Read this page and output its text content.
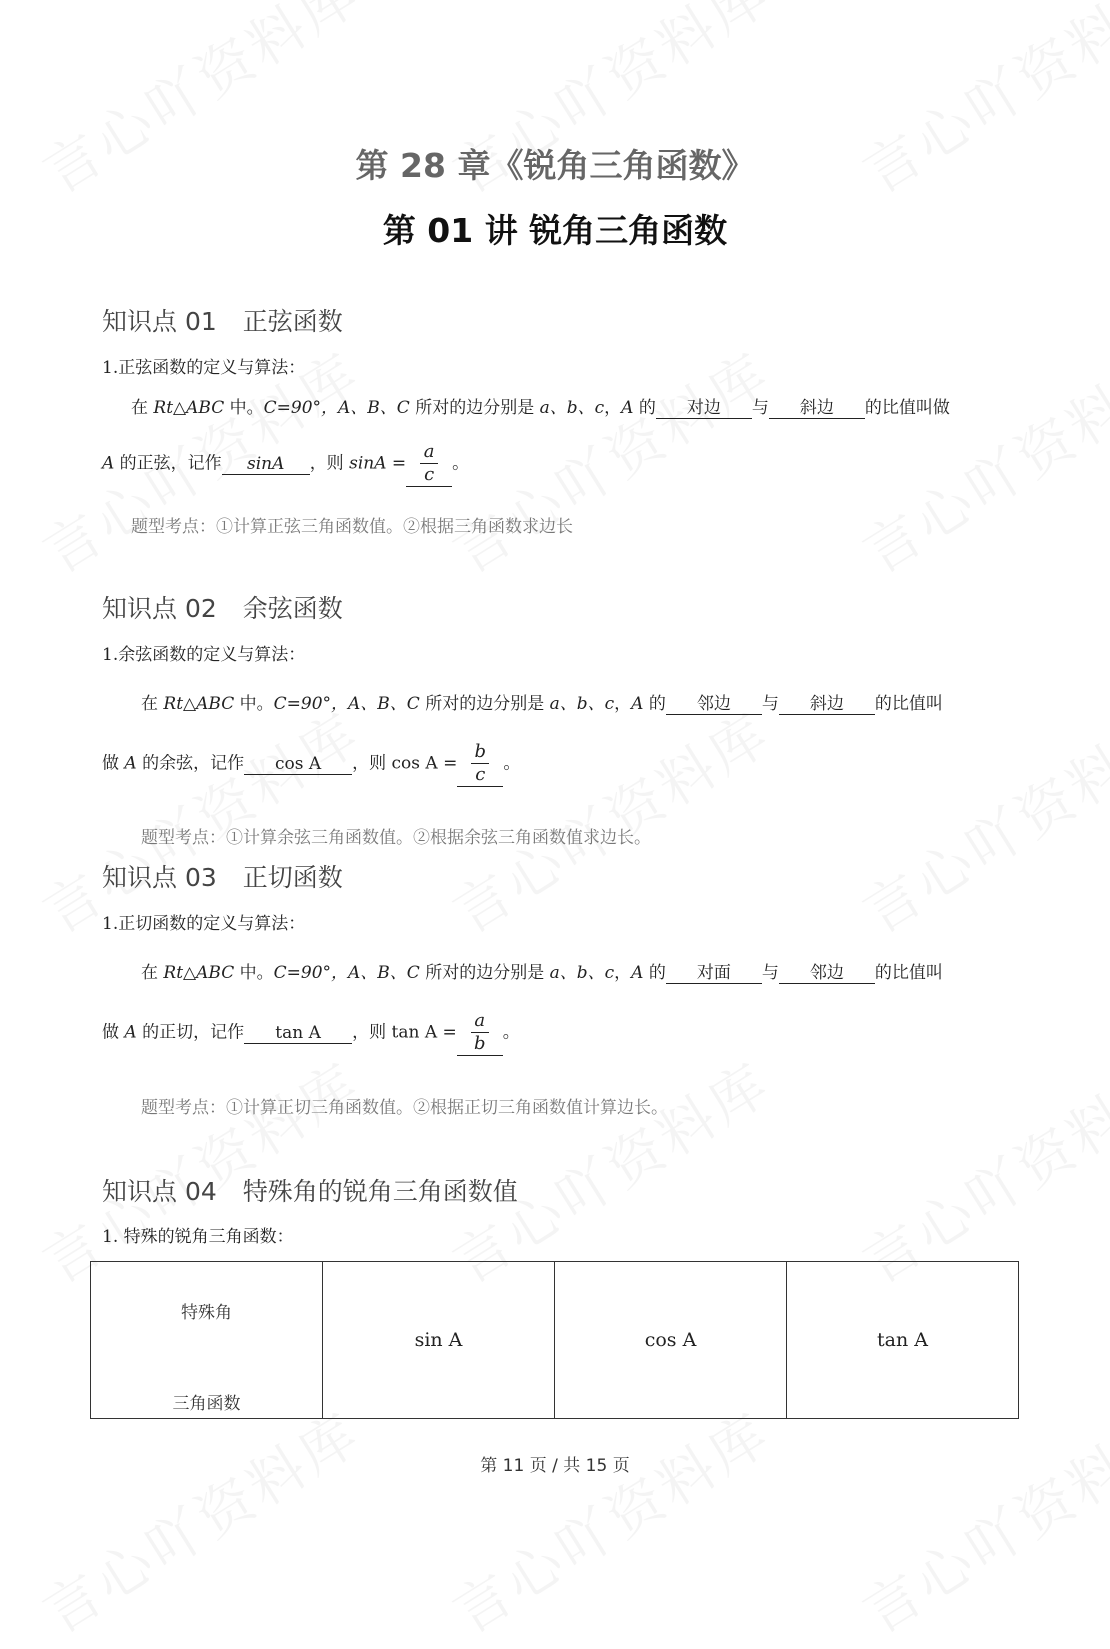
第 28 章《锐角三角函数》
第 01 讲 锐角三角函数
知识点 01 正弦函数
1.正弦函数的定义与算法：
在 Rt△ABC 中。C=90°，A、B、C 所对的边分别是 a、b、c，A 的 对边 与 斜边 的比值叫做
A 的正弦，记作 sinA ，则 $\sin A = \frac{a}{c}$ 。
题型考点：①计算正弦三角函数值。②根据三角函数求边长
知识点 02 余弦函数
1.余弦函数的定义与算法：
在 Rt△ABC 中。C=90°，A、B、C 所对的边分别是 a、b、c，A 的 邻边 与 斜边 的比值叫
做 A 的余弦，记作 cos A ，则 $\cos A = \frac{b}{c}$ 。
题型考点：①计算余弦三角函数值。②根据余弦三角函数值求边长。
知识点 03 正切函数
1.正切函数的定义与算法：
在 Rt△ABC 中。C=90°，A、B、C 所对的边分别是 a、b、c，A 的 对面 与 邻边 的比值叫
做 A 的正切，记作 tan A ，则 $\tan A = \frac{a}{b}$ 。
题型考点：①计算正切三角函数值。②根据正切三角函数值计算边长。
知识点 04 特殊角的锐角三角函数值
1. 特殊的锐角三角函数：
特殊角
三角函数
	sin A	cos A	tan A
第 11 页 / 共 15 页
